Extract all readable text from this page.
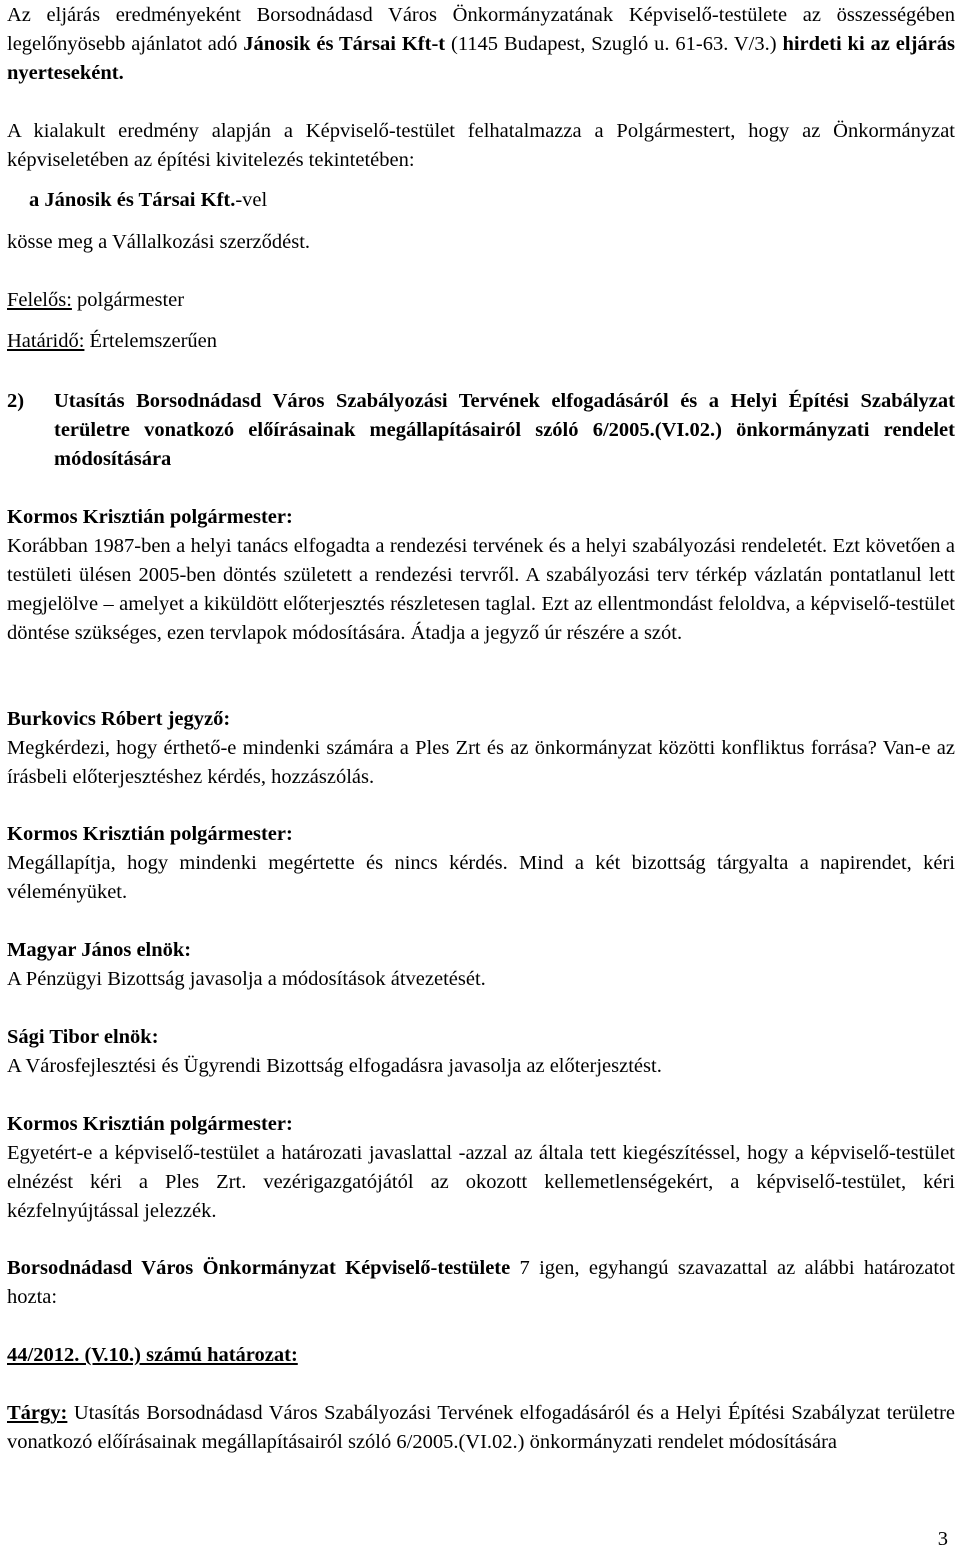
Az eljárás eredményeként Borsodnádasd Város Önkormányzatának Képviselő-testülete az összességében legelőnyösebb ajánlatot adó Jánosik és Társai Kft-t (1145 Budapest, Szugló u. 61-63. V/3.) hirdeti ki az eljárás nyerteseként.
A kialakult eredmény alapján a Képviselő-testület felhatalmazza a Polgármestert, hogy az Önkormányzat képviseletében az építési kivitelezés tekintetében:
a Jánosik és Társai Kft.-vel
kösse meg a Vállalkozási szerződést.
Felelős: polgármester
Határidő: Értelemszerűen
2)	Utasítás Borsodnádasd Város Szabályozási Tervének elfogadásáról és a Helyi Építési Szabályzat területre vonatkozó előírásainak megállapításairól szóló 6/2005.(VI.02.) önkormányzati rendelet módosítására
Kormos Krisztián polgármester:
Korábban 1987-ben a helyi tanács elfogadta a rendezési tervének és a helyi szabályozási rendeletét. Ezt követően a testületi ülésen 2005-ben döntés született a rendezési tervről. A szabályozási terv térkép vázlatán pontatlanul lett megjelölve – amelyet a kiküldött előterjesztés részletesen taglal. Ezt az ellentmondást feloldva, a képviselő-testület döntése szükséges, ezen tervlapok módosítására. Átadja a jegyző úr részére a szót.
Burkovics Róbert jegyző:
Megkérdezi, hogy érthető-e mindenki számára a Ples Zrt és az önkormányzat közötti konfliktus forrása? Van-e az írásbeli előterjesztéshez kérdés, hozzászólás.
Kormos Krisztián polgármester:
Megállapítja, hogy mindenki megértette és nincs kérdés. Mind a két bizottság tárgyalta a napirendet, kéri véleményüket.
Magyar János elnök:
A Pénzügyi Bizottság javasolja a módosítások átvezetését.
Sági Tibor elnök:
A Városfejlesztési és Ügyrendi Bizottság elfogadásra javasolja az előterjesztést.
Kormos Krisztián polgármester:
Egyetért-e a képviselő-testület a határozati javaslattal -azzal az általa tett kiegészítéssel, hogy a képviselő-testület elnézést kéri a Ples Zrt. vezérigazgatójától az okozott kellemetlenségekért, a képviselő-testület, kéri kézfelnyújtással jelezzék.
Borsodnádasd Város Önkormányzat Képviselő-testülete 7 igen, egyhangú szavazattal az alábbi határozatot hozta:
44/2012. (V.10.) számú határozat:
Tárgy: Utasítás Borsodnádasd Város Szabályozási Tervének elfogadásáról és a Helyi Építési Szabályzat területre vonatkozó előírásainak megállapításairól szóló 6/2005.(VI.02.) önkormányzati rendelet módosítására
3
